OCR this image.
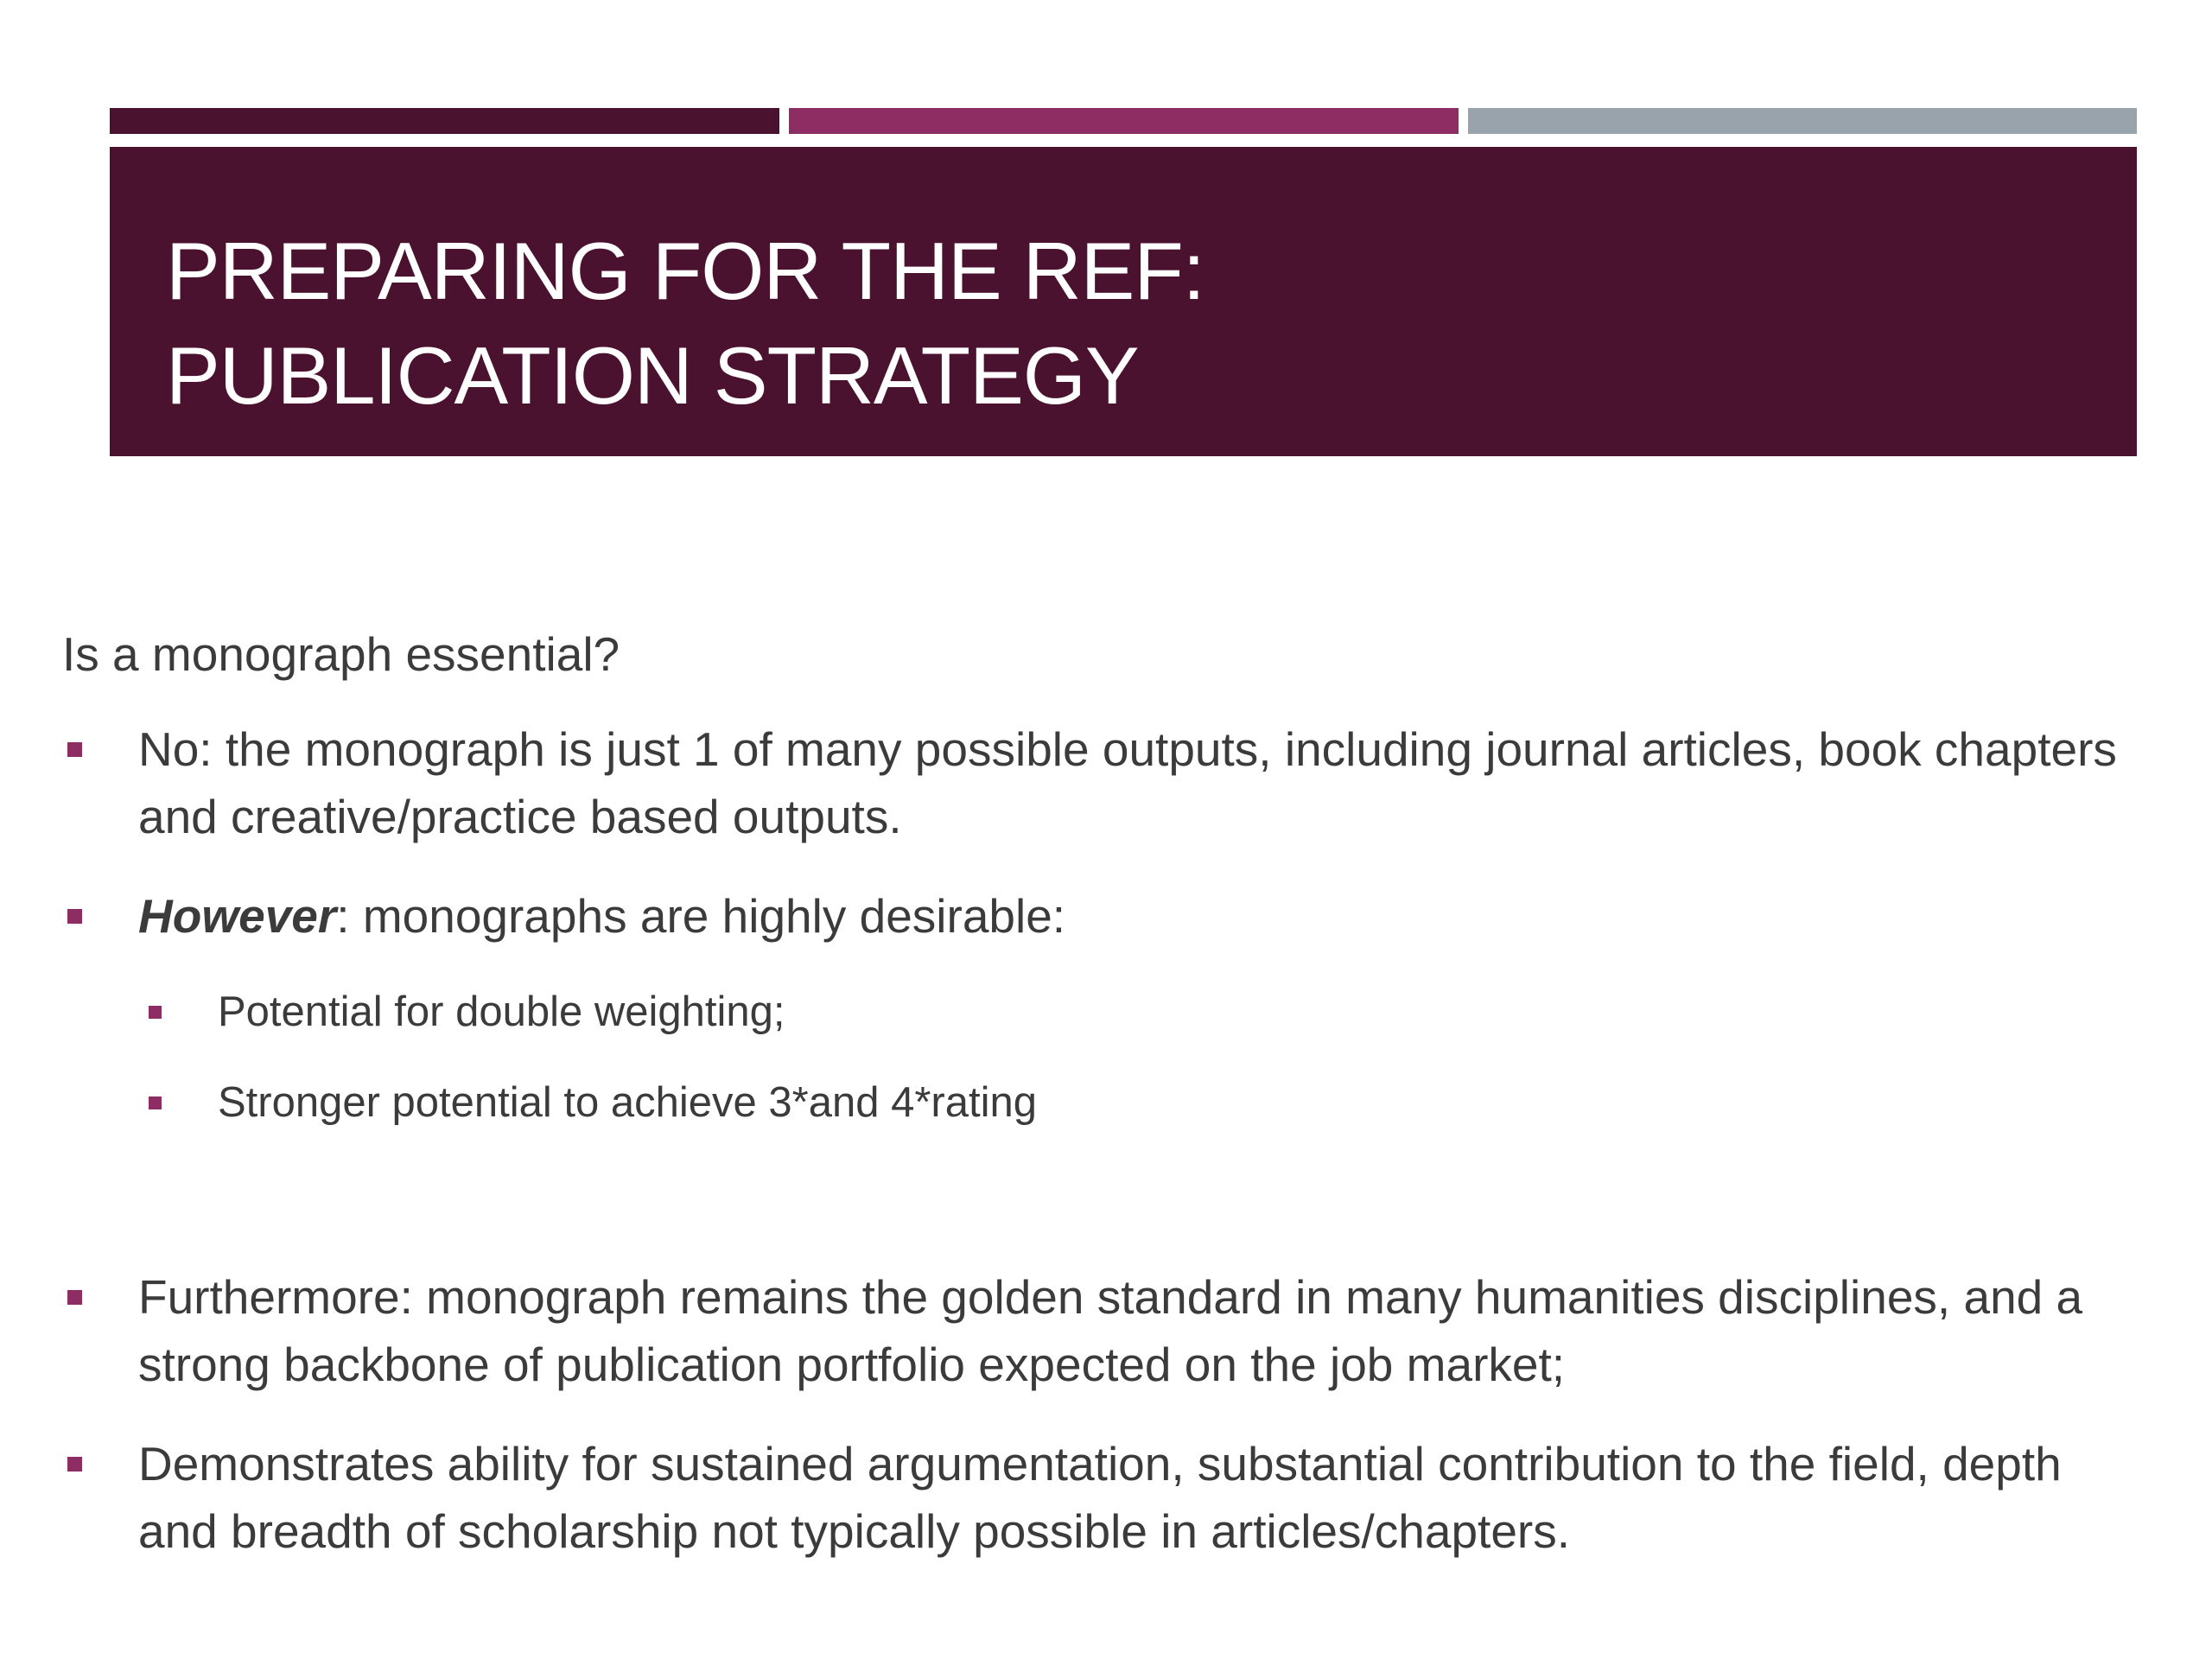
PREPARING FOR THE REF:
PUBLICATION STRATEGY
Is a monograph essential?
No: the monograph is just 1 of many possible outputs, including journal articles, book chapters and creative/practice based outputs.
However: monographs are highly desirable:
Potential for double weighting;
Stronger potential to achieve 3*and 4*rating
Furthermore: monograph remains the golden standard in many humanities disciplines, and a strong backbone of publication portfolio expected on the job market;
Demonstrates ability for sustained argumentation, substantial contribution to the field, depth and breadth of scholarship not typically possible in articles/chapters.
